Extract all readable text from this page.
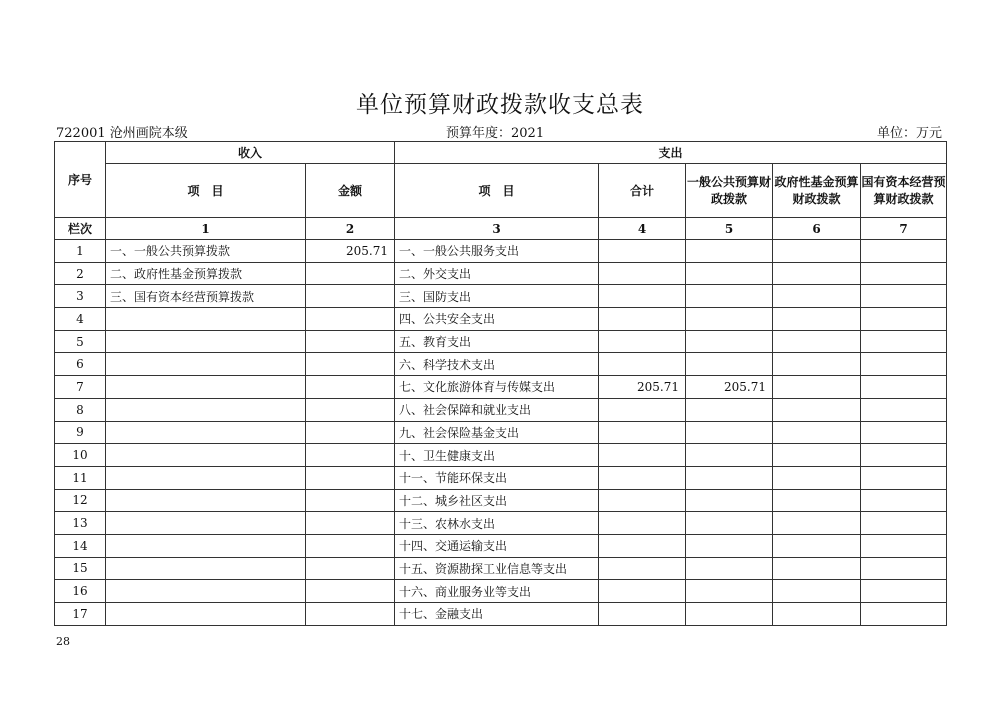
单位预算财政拨款收支总表
722001 沧州画院本级	预算年度：2021	单位：万元
序号	收入		支出				
	项　目	金额	项　目	合计	一般公共预算财政拨款	政府性基金预算财政拨款	国有资本经营预算财政拨款
栏次	1	2	3	4	5	6	7
1	一、一般公共预算拨款	205.71	一、一般公共服务支出				
2	二、政府性基金预算拨款		二、外交支出				
3	三、国有资本经营预算拨款		三、国防支出				
4			四、公共安全支出				
5			五、教育支出				
6			六、科学技术支出				
7			七、文化旅游体育与传媒支出	205.71	205.71		
8			八、社会保障和就业支出				
9			九、社会保险基金支出				
10			十、卫生健康支出				
11			十一、节能环保支出				
12			十二、城乡社区支出				
13			十三、农林水支出				
14			十四、交通运输支出				
15			十五、资源勘探工业信息等支出				
16			十六、商业服务业等支出				
17			十七、金融支出				
28
